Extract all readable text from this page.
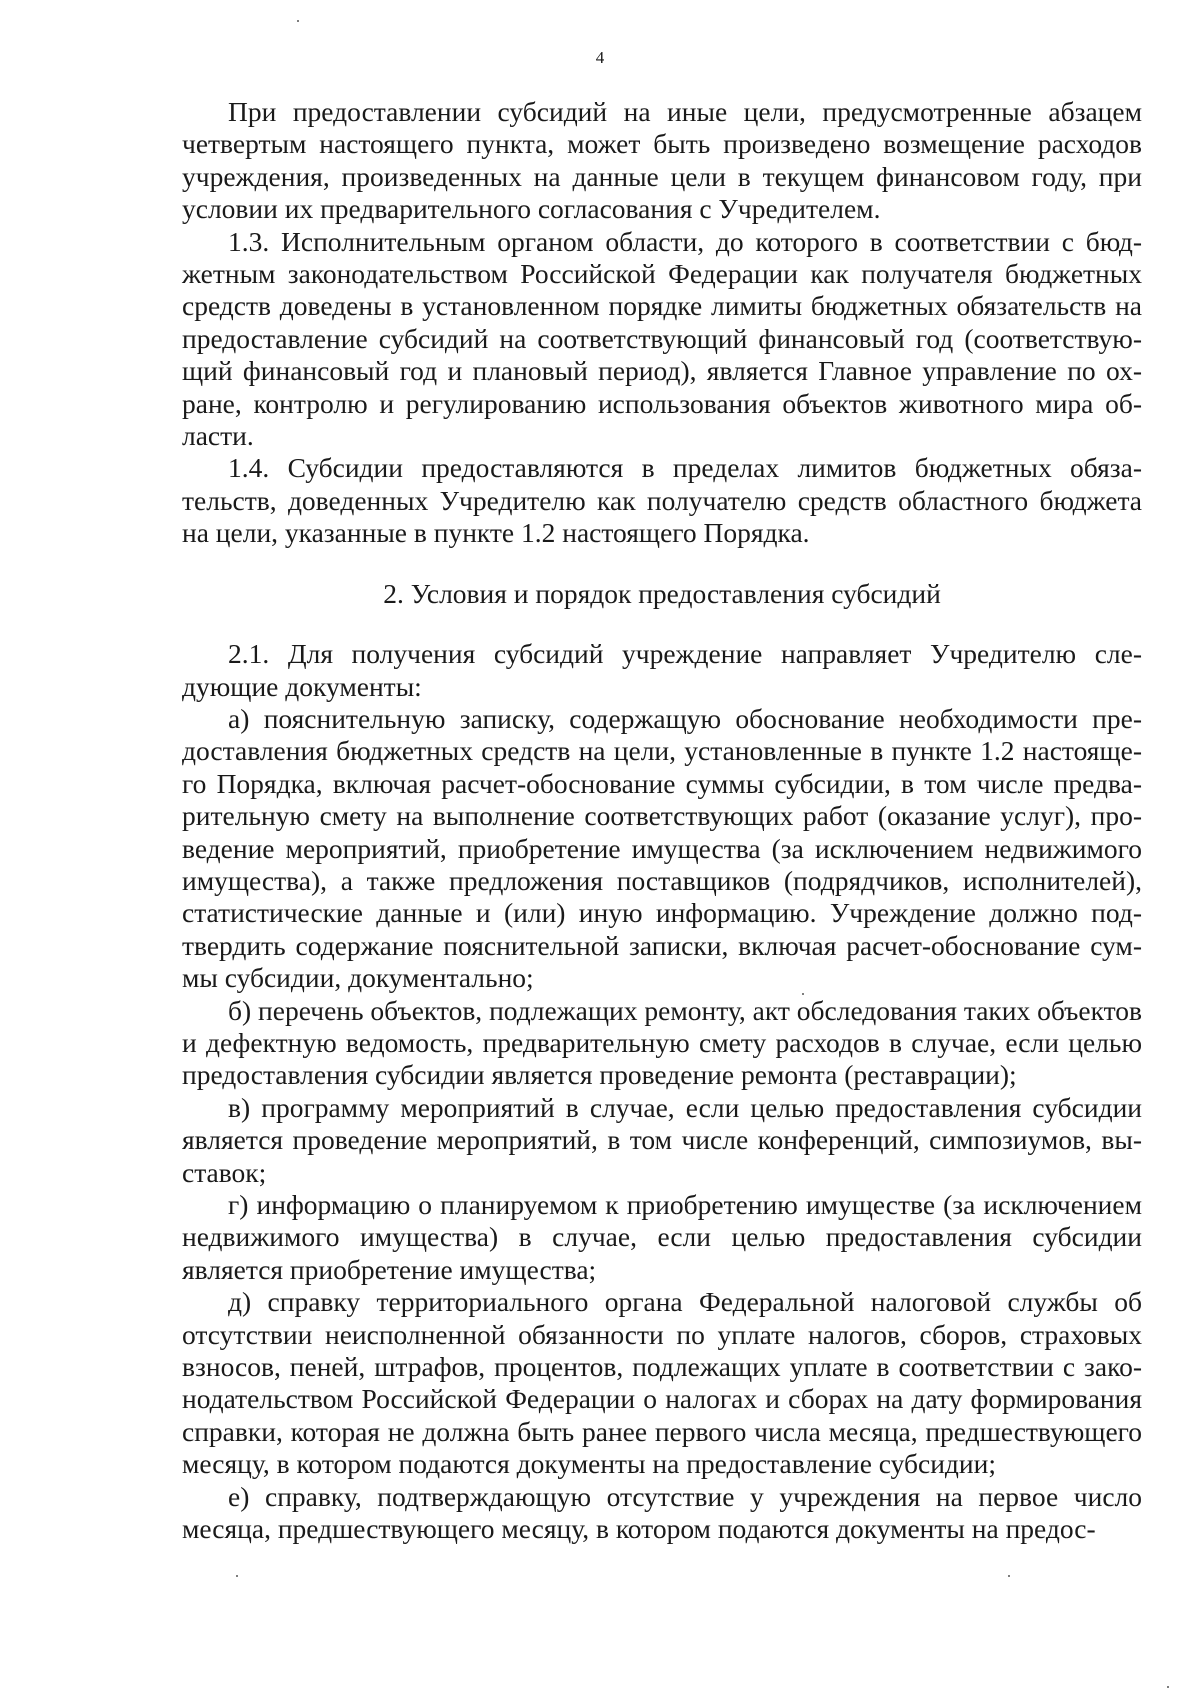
4

При предоставлении субсидий на иные цели, предусмотренные абзацем четвертым настоящего пункта, может быть произведено возмещение расходов учреждения, произведенных на данные цели в текущем финансовом году, при условии их предварительного согласования с Учредителем.

1.3. Исполнительным органом области, до которого в соответствии с бюджетным законодательством Российской Федерации как получателя бюджетных средств доведены в установленном порядке лимиты бюджетных обязательств на предоставление субсидий на соответствующий финансовый год (соответствующий финансовый год и плановый период), является Главное управление по охране, контролю и регулированию использования объектов животного мира области.

1.4. Субсидии предоставляются в пределах лимитов бюджетных обязательств, доведенных Учредителю как получателю средств областного бюджета на цели, указанные в пункте 1.2 настоящего Порядка.

2. Условия и порядок предоставления субсидий

2.1. Для получения субсидий учреждение направляет Учредителю следующие документы:

а) пояснительную записку, содержащую обоснование необходимости предоставления бюджетных средств на цели, установленные в пункте 1.2 настоящего Порядка, включая расчет-обоснование суммы субсидии, в том числе предварительную смету на выполнение соответствующих работ (оказание услуг), проведение мероприятий, приобретение имущества (за исключением недвижимого имущества), а также предложения поставщиков (подрядчиков, исполнителей), статистические данные и (или) иную информацию. Учреждение должно подтвердить содержание пояснительной записки, включая расчет-обоснование суммы субсидии, документально;

б) перечень объектов, подлежащих ремонту, акт обследования таких объектов и дефектную ведомость, предварительную смету расходов в случае, если целью предоставления субсидии является проведение ремонта (реставрации);

в) программу мероприятий в случае, если целью предоставления субсидии является проведение мероприятий, в том числе конференций, симпозиумов, выставок;

г) информацию о планируемом к приобретению имуществе (за исключением недвижимого имущества) в случае, если целью предоставления субсидии является приобретение имущества;

д) справку территориального органа Федеральной налоговой службы об отсутствии неисполненной обязанности по уплате налогов, сборов, страховых взносов, пеней, штрафов, процентов, подлежащих уплате в соответствии с законодательством Российской Федерации о налогах и сборах на дату формирования справки, которая не должна быть ранее первого числа месяца, предшествующего месяцу, в котором подаются документы на предоставление субсидии;

е) справку, подтверждающую отсутствие у учреждения на первое число месяца, предшествующего месяцу, в котором подаются документы на предос-
